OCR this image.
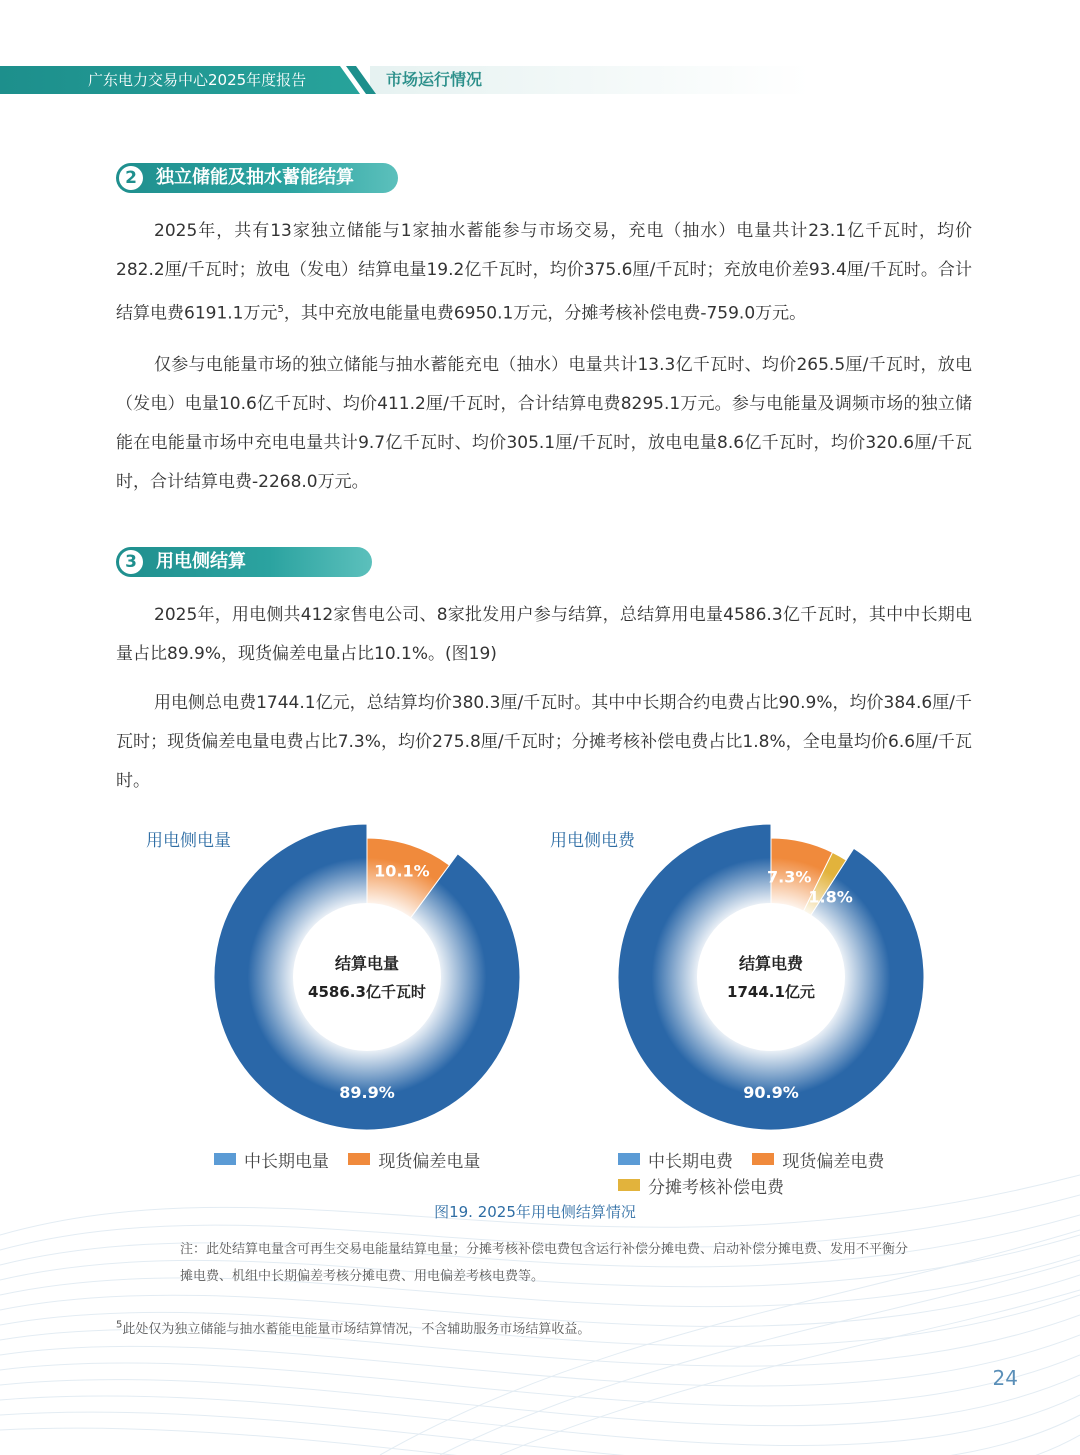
广东电力交易中心2025年度报告	市场运行情况
2	独立储能及抽水蓄能结算

2025年，共有13家独立储能与1家抽水蓄能参与市场交易，充电（抽水）电量共计23.1亿千瓦时，均价282.2厘/千瓦时；放电（发电）结算电量19.2亿千瓦时，均价375.6厘/千瓦时；充放电价差93.4厘/千瓦时。合计结算电费6191.1万元$^5$，其中充放电能量电费6950.1万元，分摊考核补偿电费-759.0万元。

仅参与电能量市场的独立储能与抽水蓄能充电（抽水）电量共计13.3亿千瓦时、均价265.5厘/千瓦时，放电（发电）电量10.6亿千瓦时、均价411.2厘/千瓦时，合计结算电费8295.1万元。参与电能量及调频市场的独立储能在电能量市场中充电电量共计9.7亿千瓦时、均价305.1厘/千瓦时，放电电量8.6亿千瓦时，均价320.6厘/千瓦时，合计结算电费-2268.0万元。

3	用电侧结算

2025年，用电侧共412家售电公司、8家批发用户参与结算，总结算用电量4586.3亿千瓦时，其中中长期电量占比89.9%，现货偏差电量占比10.1%。(图19)

用电侧总电费1744.1亿元，总结算均价380.3厘/千瓦时。其中中长期合约电费占比90.9%，均价384.6厘/千瓦时；现货偏差电量电费占比7.3%，均价275.8厘/千瓦时；分摊考核补偿电费占比1.8%，全电量均价6.6厘/千瓦时。

用电侧电量	用电侧电费
89.9%
10.1%
结算电量
4586.3亿千瓦时
90.9%
7.3%
1.8%
结算电费
1744.1亿元
中长期电量
	现货偏差电量	中长期电费
	现货偏差电费
分摊考核补偿电费
图19. 2025年用电侧结算情况

注：此处结算电量含可再生交易电能量结算电量；分摊考核补偿电费包含运行补偿分摊电费、启动补偿分摊电费、发用不平衡分摊电费、机组中长期偏差考核分摊电费、用电偏差考核电费等。

$^5$此处仅为独立储能与抽水蓄能电能量市场结算情况，不含辅助服务市场结算收益。
24
